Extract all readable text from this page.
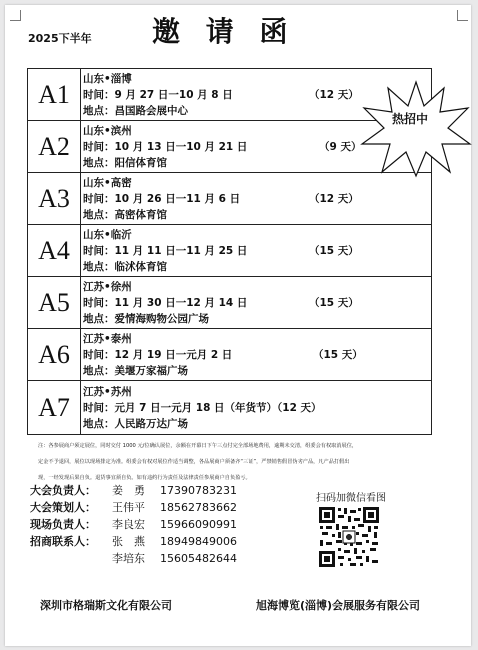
2025下半年 邀 请 函
A1	山东•淄博
时间：9 月 27 日一10 月 8 日 （12 天）
地点：昌国路会展中心

A2	山东•滨州
时间：10 月 13 日一10 月 21 日 （9 天）
地点：阳信体育馆

A3	山东•高密
时间：10 月 26 日一11 月 6 日 （12 天）
地点：高密体育馆

A4	山东•临沂
时间：11 月 11 日一11 月 25 日 （15 天）
地点：临沭体育馆

A5	江苏•徐州
时间：11 月 30 日一12 月 14 日 （15 天）
地点：爱情海购物公园广场

A6	江苏•泰州
时间：12 月 19 日一元月 2 日 （15 天）
地点：美堰万家福广场

A7	江苏•苏州
时间：元月 7 日一元月 18 日（年货节）（12 天）
地点：人民路万达广场
热招中
注：各参展商户须定展位，同时交付 1000 元/位确认展位，余额在开幕日下午三点付完全部场地费用，逾期未交清，组委会有权取消展位，
定金不予退回，展位以现场排定为准。组委会有权对展位作适当调整，各品展商户须备齐“三证”，严禁销售假冒伪劣产品，凡产品打假出
现，一经发现后果自负。退货事宜须自负。如有违约行为责任及法律责任参展商户自负盈亏。
大会负责人： 姜　勇 17390783231
大会策划人： 王伟平 18562783662
现场负责人： 李良宏 15966090991
招商联系人： 张　燕 18949849006
李培东 15605482644
扫码加微信看图
深圳市格瑞斯文化有限公司	旭海博览(淄博)会展服务有限公司
